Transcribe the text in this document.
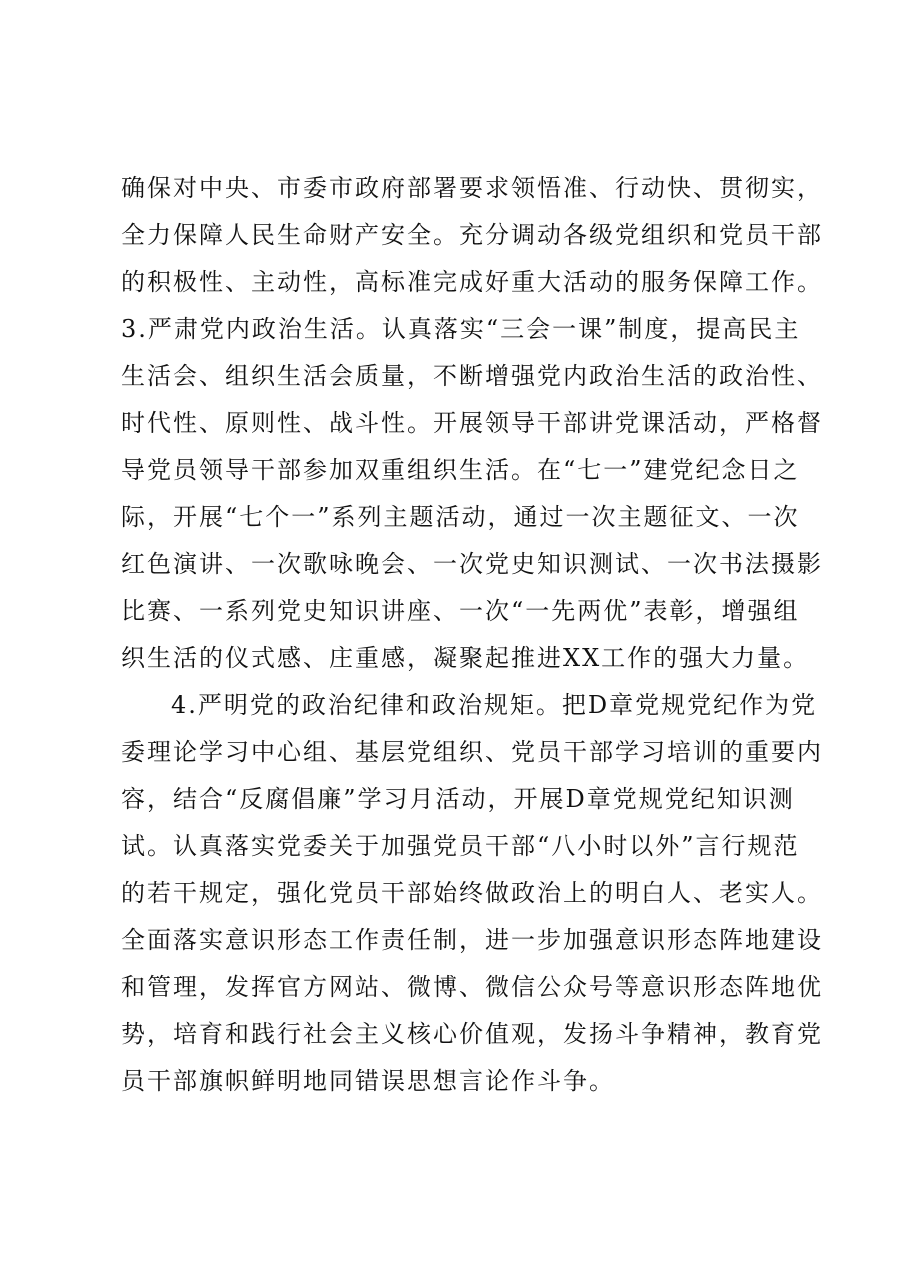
确保对中央、市委市政府部署要求领悟准、行动快、贯彻实，
全力保障人民生命财产安全。充分调动各级党组织和党员干部
的积极性、主动性，高标准完成好重大活动的服务保障工作。
3.严肃党内政治生活。认真落实“三会一课”制度，提高民主
生活会、组织生活会质量，不断增强党内政治生活的政治性、
时代性、原则性、战斗性。开展领导干部讲党课活动，严格督
导党员领导干部参加双重组织生活。在“七一”建党纪念日之
际，开展“七个一”系列主题活动，通过一次主题征文、一次
红色演讲、一次歌咏晚会、一次党史知识测试、一次书法摄影
比赛、一系列党史知识讲座、一次“一先两优”表彰，增强组
织生活的仪式感、庄重感，凝聚起推进XX工作的强大力量。
4.严明党的政治纪律和政治规矩。把D章党规党纪作为党
委理论学习中心组、基层党组织、党员干部学习培训的重要内
容，结合“反腐倡廉”学习月活动，开展D章党规党纪知识测
试。认真落实党委关于加强党员干部“八小时以外”言行规范
的若干规定，强化党员干部始终做政治上的明白人、老实人。
全面落实意识形态工作责任制，进一步加强意识形态阵地建设
和管理，发挥官方网站、微博、微信公众号等意识形态阵地优
势，培育和践行社会主义核心价值观，发扬斗争精神，教育党
员干部旗帜鲜明地同错误思想言论作斗争。
